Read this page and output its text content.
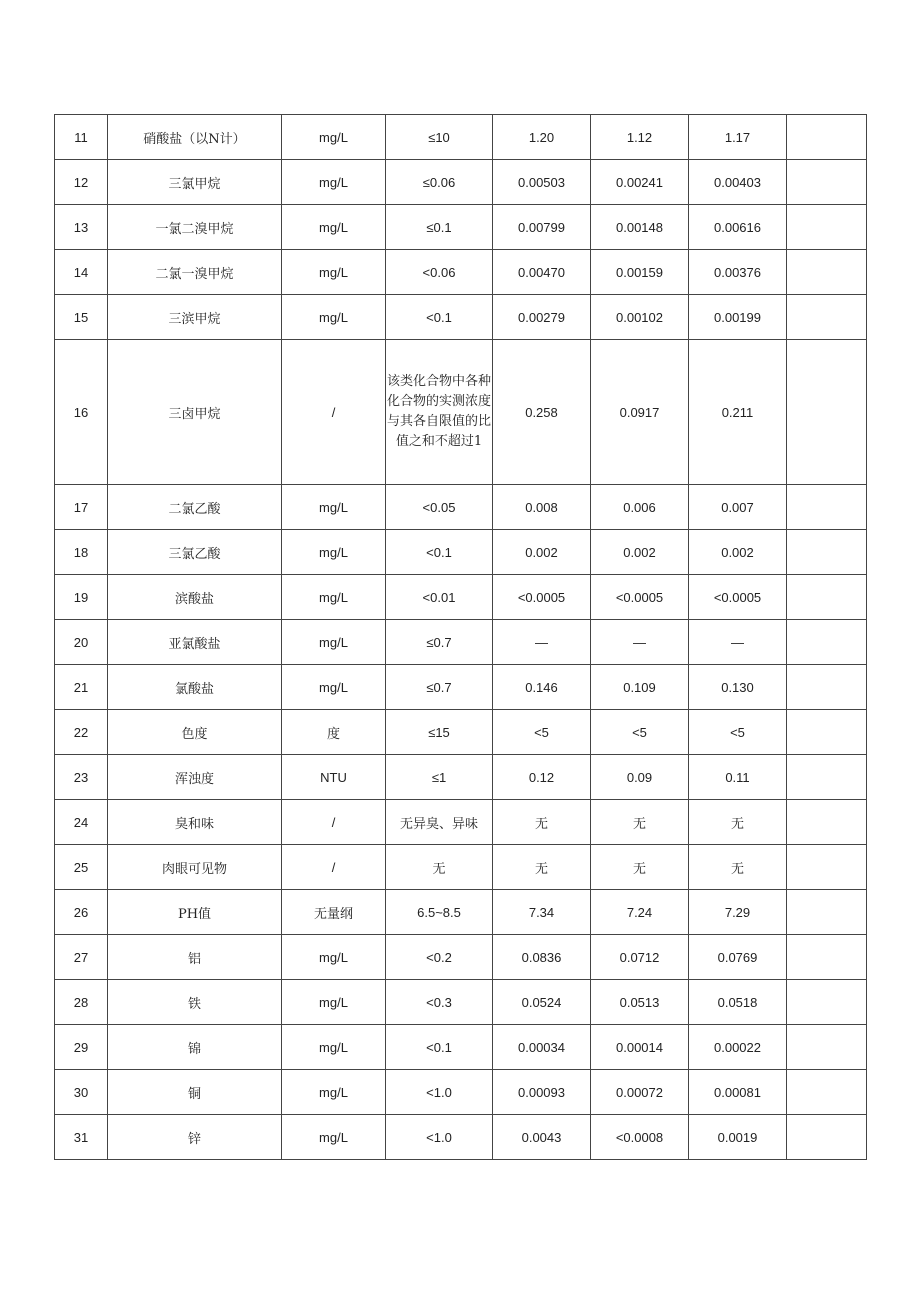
11	硝酸盐（以N计）	mg/L	≤10	1.20	1.12	1.17	
12	三氯甲烷	mg/L	≤0.06	0.00503	0.00241	0.00403	
13	一氯二溴甲烷	mg/L	≤0.1	0.00799	0.00148	0.00616	
14	二氯一溴甲烷	mg/L	<0.06	0.00470	0.00159	0.00376	
15	三滨甲烷	mg/L	<0.1	0.00279	0.00102	0.00199	
16	三卤甲烷	/	该类化合物中各种化合物的实测浓度与其各自限值的比值之和不超过1	0.258	0.0917	0.211	
17	二氯乙酸	mg/L	<0.05	0.008	0.006	0.007	
18	三氯乙酸	mg/L	<0.1	0.002	0.002	0.002	
19	滨酸盐	mg/L	<0.01	<0.0005	<0.0005	<0.0005	
20	亚氯酸盐	mg/L	≤0.7	—	—	—	
21	氯酸盐	mg/L	≤0.7	0.146	0.109	0.130	
22	色度	度	≤15	<5	<5	<5	
23	浑浊度	NTU	≤1	0.12	0.09	0.11	
24	臭和味	/	无异臭、异味	无	无	无	
25	肉眼可见物	/	无	无	无	无	
26	PH值	无量纲	6.5~8.5	7.34	7.24	7.29	
27	铝	mg/L	<0.2	0.0836	0.0712	0.0769	
28	铁	mg/L	<0.3	0.0524	0.0513	0.0518	
29	锦	mg/L	<0.1	0.00034	0.00014	0.00022	
30	铜	mg/L	<1.0	0.00093	0.00072	0.00081	
31	锌	mg/L	<1.0	0.0043	<0.0008	0.0019	
